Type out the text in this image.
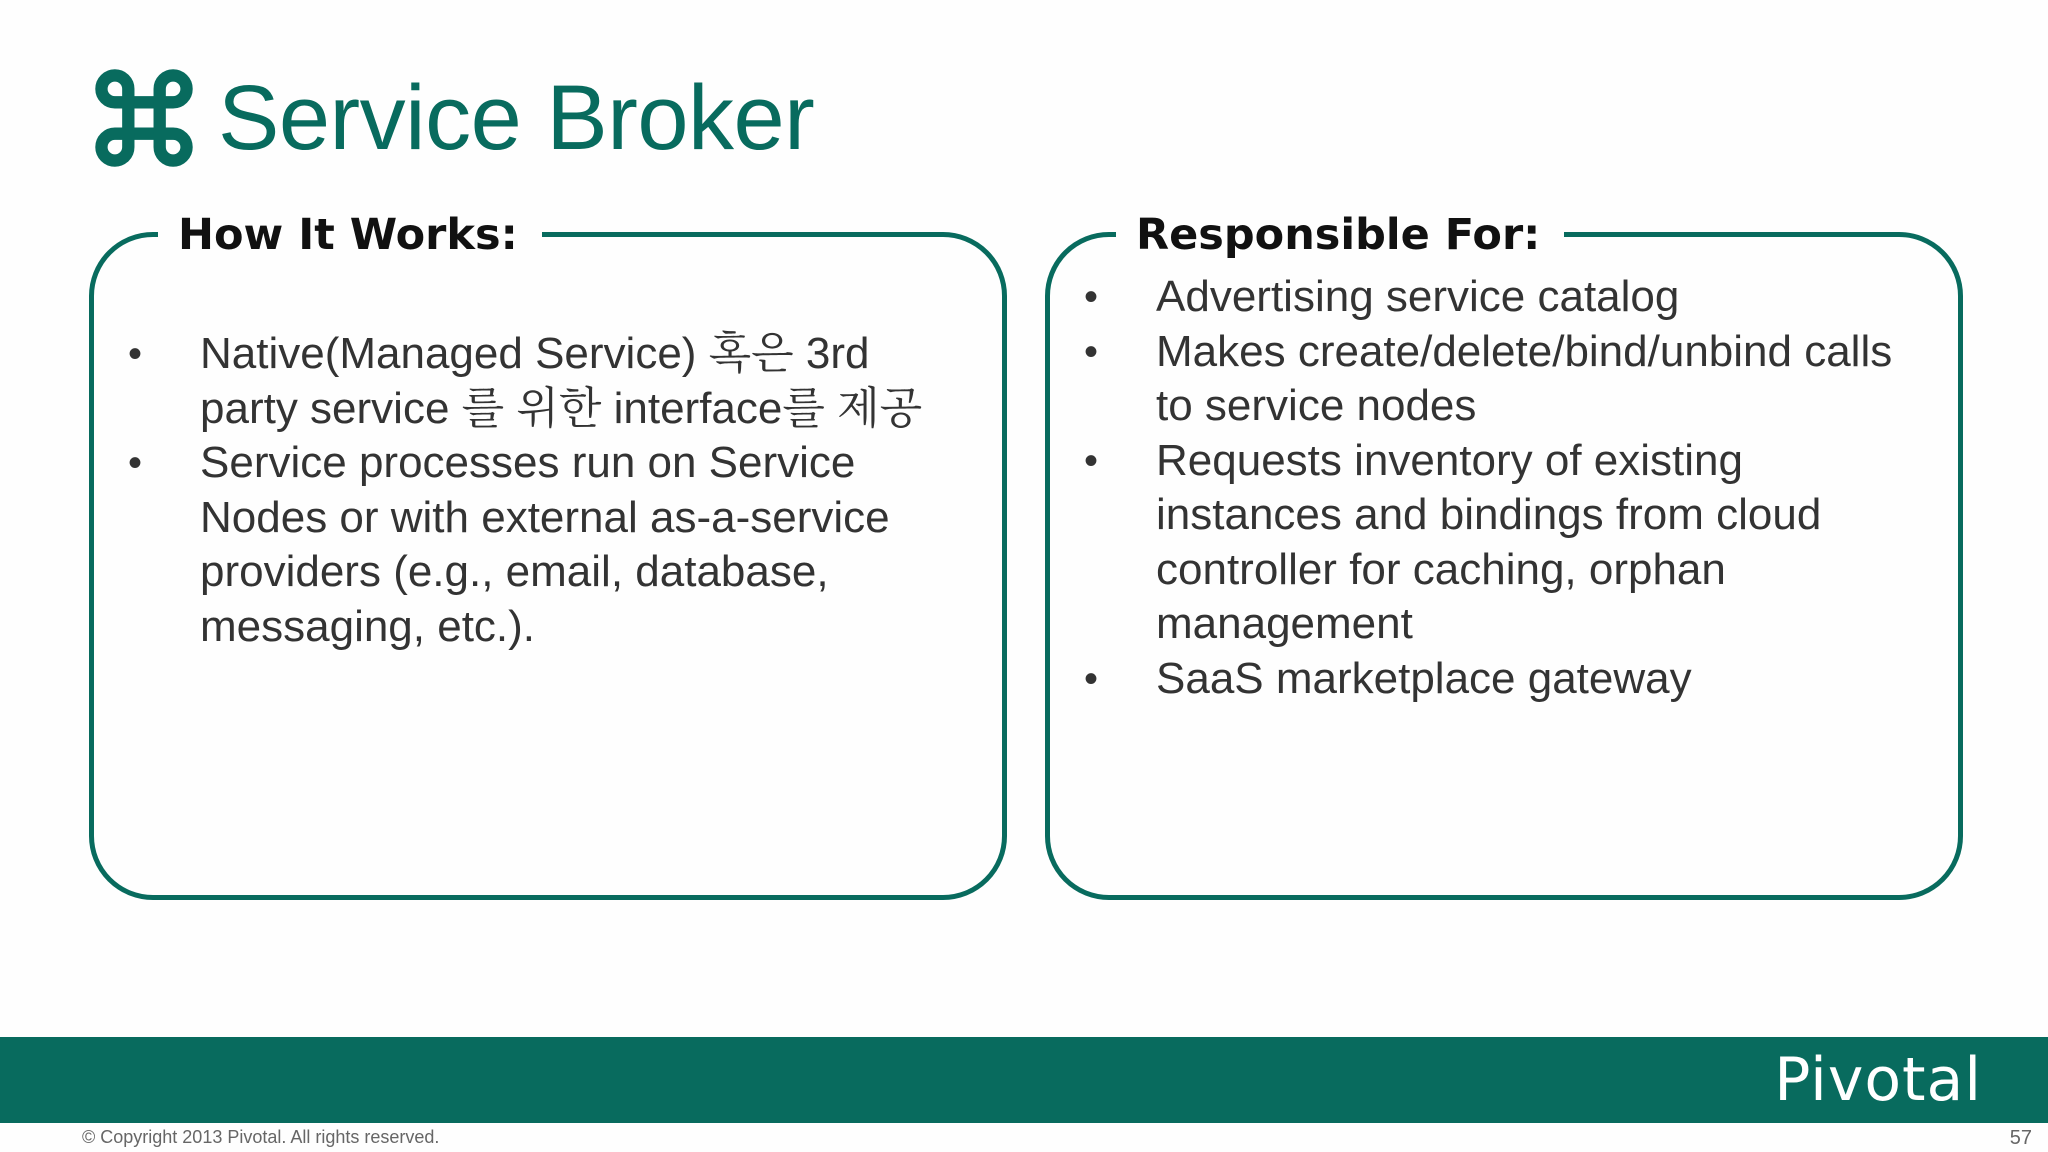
Service Broker
How It Works:
• Native(Managed Service) 혹은 3rd
party service 를 위한 interface를 제공
• Service processes run on Service
Nodes or with external as-a-service
providers (e.g., email, database,
messaging, etc.).
Responsible For:
• Advertising service catalog
• Makes create/delete/bind/unbind calls
to service nodes
• Requests inventory of existing
instances and bindings from cloud
controller for caching, orphan
management
• SaaS marketplace gateway
Pivotal
© Copyright 2013 Pivotal. All rights reserved.	57
